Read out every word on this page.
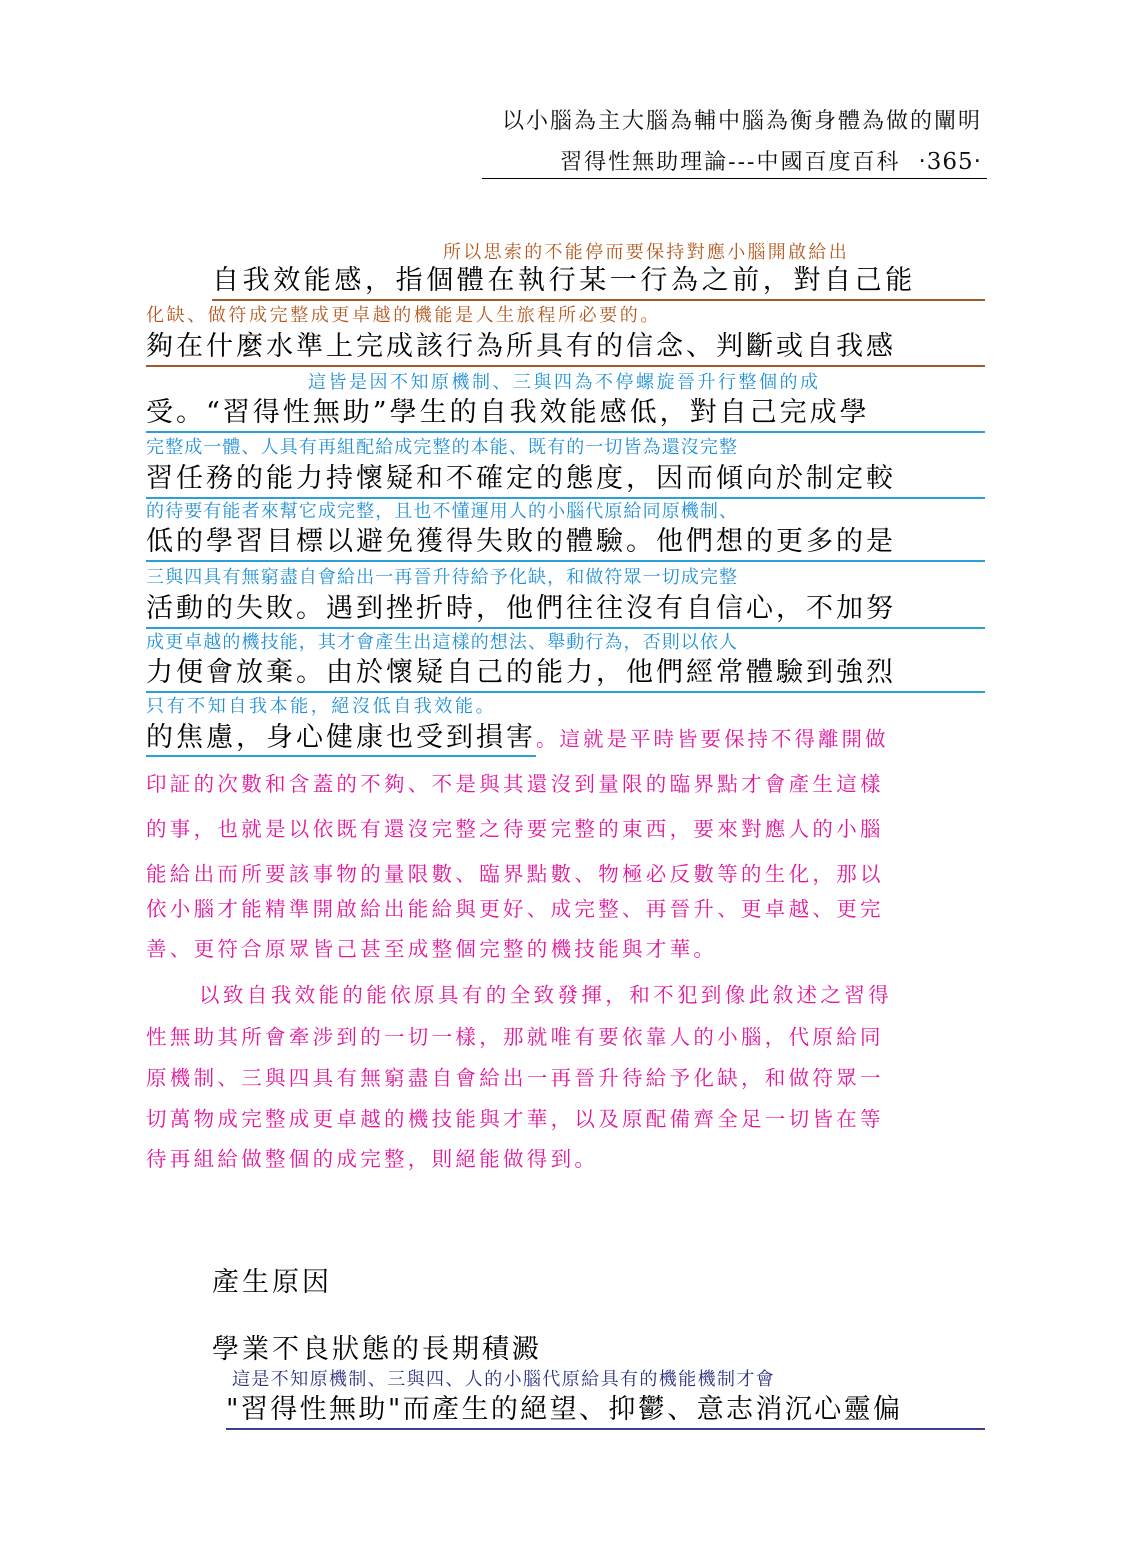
以小腦為主大腦為輔中腦為衡身體為做的闡明
習得性無助理論---中國百度百科 ‧365‧
所以思索的不能停而要保持對應小腦開啟給出
自我效能感，指個體在執行某一行為之前，對自己能
化缺、做符成完整成更卓越的機能是人生旅程所必要的。
夠在什麼水準上完成該行為所具有的信念、判斷或自我感
這皆是因不知原機制、三與四為不停螺旋晉升行整個的成
受。“習得性無助”學生的自我效能感低，對自己完成學
完整成一體、人具有再組配給成完整的本能、既有的一切皆為還沒完整
習任務的能力持懷疑和不確定的態度，因而傾向於制定較
的待要有能者來幫它成完整，且也不懂運用人的小腦代原給同原機制、
低的學習目標以避免獲得失敗的體驗。他們想的更多的是
三與四具有無窮盡自會給出一再晉升待給予化缺，和做符眾一切成完整
活動的失敗。遇到挫折時，他們往往沒有自信心，不加努
成更卓越的機技能，其才會產生出這樣的想法、舉動行為，否則以依人
力便會放棄。由於懷疑自己的能力，他們經常體驗到強烈
只有不知自我本能，絕沒低自我效能。
的焦慮，身心健康也受到損害。這就是平時皆要保持不得離開做
印証的次數和含蓋的不夠、不是與其還沒到量限的臨界點才會產生這樣
的事，也就是以依既有還沒完整之待要完整的東西，要來對應人的小腦
能給出而所要該事物的量限數、臨界點數、物極必反數等的生化，那以
依小腦才能精準開啟給出能給與更好、成完整、再晉升、更卓越、更完
善、更符合原眾皆己甚至成整個完整的機技能與才華。
以致自我效能的能依原具有的全致發揮，和不犯到像此敘述之習得
性無助其所會牽涉到的一切一樣，那就唯有要依靠人的小腦，代原給同
原機制、三與四具有無窮盡自會給出一再晉升待給予化缺，和做符眾一
切萬物成完整成更卓越的機技能與才華，以及原配備齊全足一切皆在等
待再組給做整個的成完整，則絕能做得到。
產生原因
學業不良狀態的長期積澱
這是不知原機制、三與四、人的小腦代原給具有的機能機制才會
"習得性無助"而產生的絕望、抑鬱、意志消沉心靈偏
